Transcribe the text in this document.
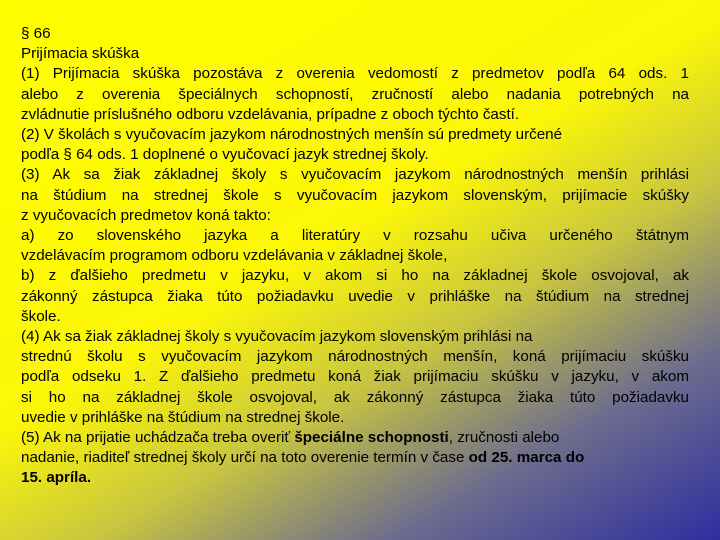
§ 66
Prijímacia skúška
(1) Prijímacia skúška pozostáva z overenia vedomostí z predmetov podľa 64 ods. 1
alebo z overenia špeciálnych schopností, zručností alebo nadania potrebných na
zvládnutie príslušného odboru vzdelávania, prípadne z oboch týchto častí.
(2) V školách s vyučovacím jazykom národnostných menšín sú predmety určené
podľa § 64 ods. 1 doplnené o vyučovací jazyk strednej školy.
(3) Ak sa žiak základnej školy s vyučovacím jazykom národnostných menšín prihlási
na štúdium na strednej škole s vyučovacím jazykom slovenským, prijímacie skúšky
z vyučovacích predmetov koná takto:
a) zo slovenského jazyka a literatúry v rozsahu učiva určeného štátnym
vzdelávacím programom odboru vzdelávania v základnej škole,
b) z ďalšieho predmetu v jazyku, v akom si ho na základnej škole osvojoval, ak
zákonný zástupca žiaka túto požiadavku uvedie v prihláške na štúdium na strednej
škole.
(4) Ak sa žiak základnej školy s vyučovacím jazykom slovenským prihlási na
strednú školu s vyučovacím jazykom národnostných menšín, koná prijímaciu skúšku
podľa odseku 1. Z ďalšieho predmetu koná žiak prijímaciu skúšku v jazyku, v akom
si ho na základnej škole osvojoval, ak zákonný zástupca žiaka túto požiadavku
uvedie v prihláške na štúdium na strednej škole.
(5) Ak na prijatie uchádzača treba overiť špeciálne schopnosti, zručnosti alebo
nadanie, riaditeľ strednej školy určí na toto overenie termín v čase od 25. marca do
15. apríla.
